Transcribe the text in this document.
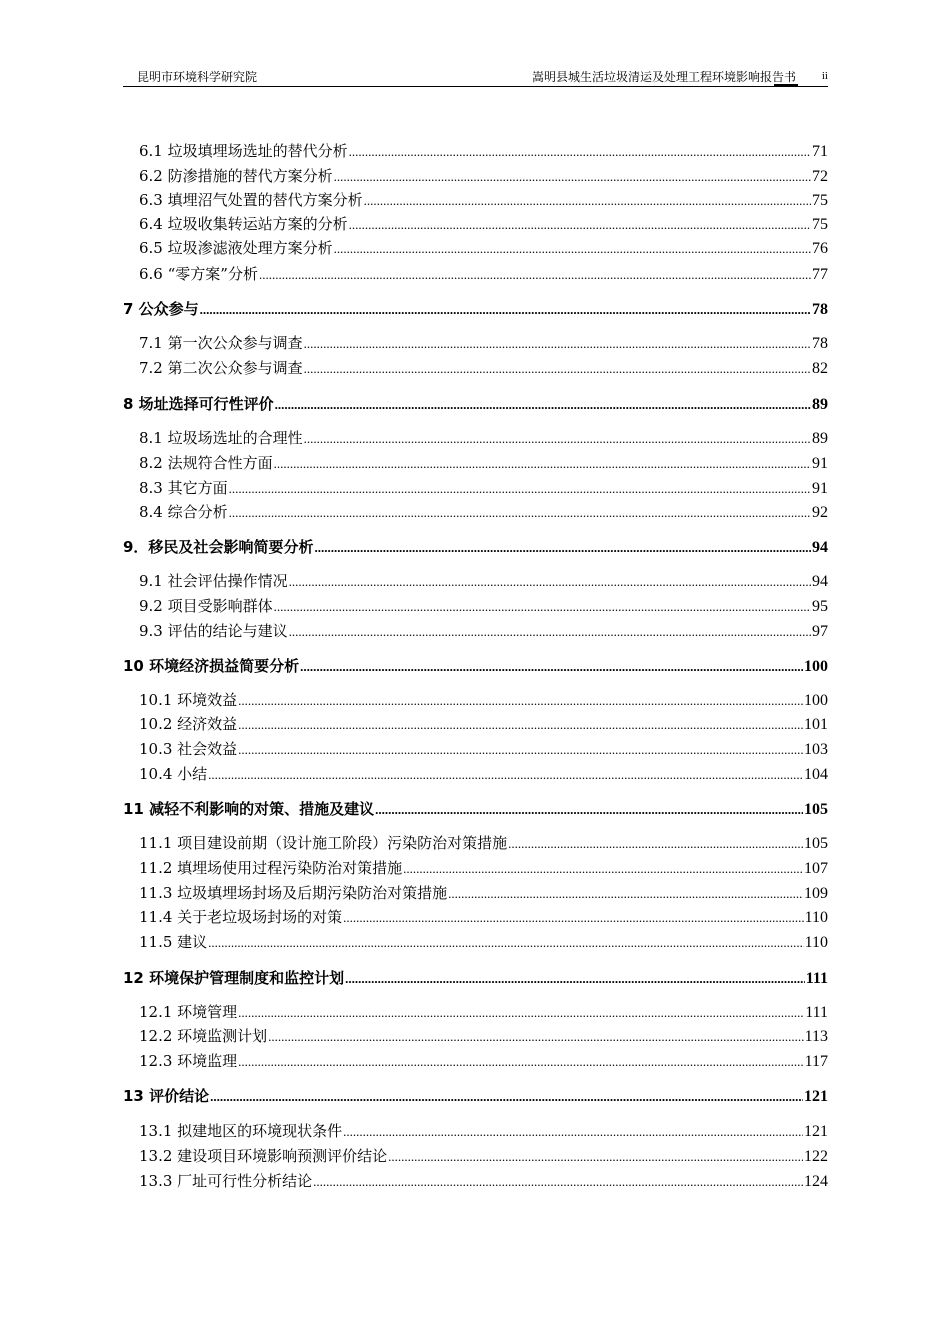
昆明市环境科学研究院	嵩明县城生活垃圾清运及处理工程环境影响报告书 ii
6.1 垃圾填埋场选址的替代分析 .....	71
6.2 防渗措施的替代方案分析 .....	72
6.3 填埋沼气处置的替代方案分析 .....	75
6.4 垃圾收集转运站方案的分析 .....	75
6.5 垃圾渗滤液处理方案分析 .....	76
6.6 “零方案”分析 .....	77
7 公众参与 .....	78
7.1 第一次公众参与调查 .....	78
7.2 第二次公众参与调查 .....	82
8 场址选择可行性评价 .....	89
8.1 垃圾场选址的合理性 .....	89
8.2 法规符合性方面 .....	91
8.3 其它方面 .....	91
8.4 综合分析 .....	92
9．移民及社会影响简要分析 .....	94
9.1 社会评估操作情况 .....	94
9.2 项目受影响群体 .....	95
9.3 评估的结论与建议 .....	97
10 环境经济损益简要分析 .....	100
10.1 环境效益 .....	100
10.2 经济效益 .....	101
10.3 社会效益 .....	103
10.4 小结 .....	104
11 减轻不利影响的对策、措施及建议 .....	105
11.1 项目建设前期（设计施工阶段）污染防治对策措施 .....	105
11.2 填埋场使用过程污染防治对策措施 .....	107
11.3 垃圾填埋场封场及后期污染防治对策措施 .....	109
11.4 关于老垃圾场封场的对策 .....	110
11.5 建议 .....	110
12 环境保护管理制度和监控计划 .....	111
12.1 环境管理 .....	111
12.2 环境监测计划 .....	113
12.3 环境监理 .....	117
13 评价结论 .....	121
13.1 拟建地区的环境现状条件 .....	121
13.2 建设项目环境影响预测评价结论 .....	122
13.3 厂址可行性分析结论 .....	124
